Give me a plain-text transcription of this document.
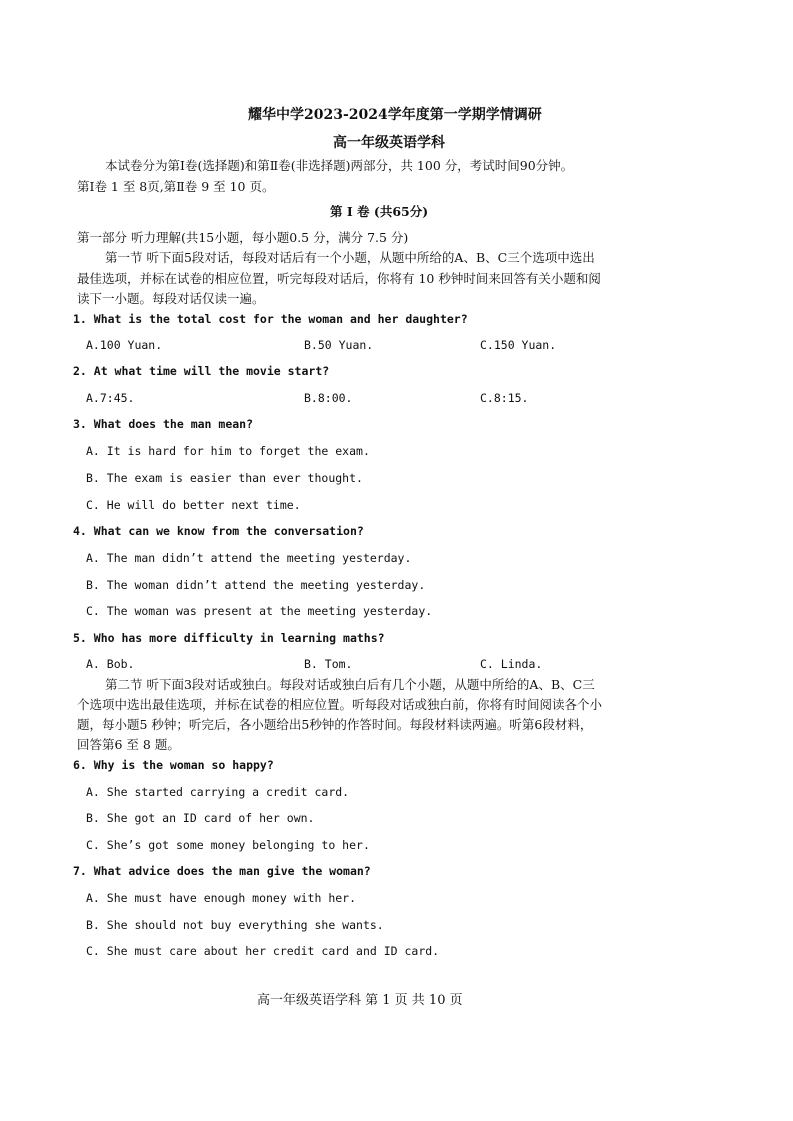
耀华中学2023-2024学年度第一学期学情调研
高一年级英语学科
本试卷分为第Ⅰ卷(选择题)和第Ⅱ卷(非选择题)两部分，共 100 分，考试时间90分钟。
第Ⅰ卷 1 至 8页,第Ⅱ卷 9 至 10 页。
第 Ⅰ 卷 (共65分)
第一部分 听力理解(共15小题，每小题0.5 分，满分 7.5 分)
第一节 听下面5段对话，每段对话后有一个小题，从题中所给的A、B、C三个选项中选出
最佳选项，并标在试卷的相应位置，听完每段对话后，你将有 10 秒钟时间来回答有关小题和阅
读下一小题。每段对话仅读一遍。
1. What is the total cost for the woman and her daughter?
A.100 Yuan.	B.50 Yuan.	C.150 Yuan.
2. At what time will the movie start?
A.7:45.	B.8:00.	C.8:15.
3. What does the man mean?
A. It is hard for him to forget the exam.
B. The exam is easier than ever thought.
C. He will do better next time.
4. What can we know from the conversation?
A. The man didn’t attend the meeting yesterday.
B. The woman didn’t attend the meeting yesterday.
C. The woman was present at the meeting yesterday.
5. Who has more difficulty in learning maths?
A. Bob.	B. Tom.	C. Linda.
第二节 听下面3段对话或独白。每段对话或独白后有几个小题，从题中所给的A、B、C三
个选项中选出最佳选项，并标在试卷的相应位置。听每段对话或独白前，你将有时间阅读各个小
题，每小题5 秒钟；听完后，各小题给出5秒钟的作答时间。每段材料读两遍。听第6段材料，
回答第6 至 8 题。
6. Why is the woman so happy?
A. She started carrying a credit card.
B. She got an ID card of her own.
C. She’s got some money belonging to her.
7. What advice does the man give the woman?
A. She must have enough money with her.
B. She should not buy everything she wants.
C. She must care about her credit card and ID card.
高一年级英语学科 第 1 页 共 10 页
